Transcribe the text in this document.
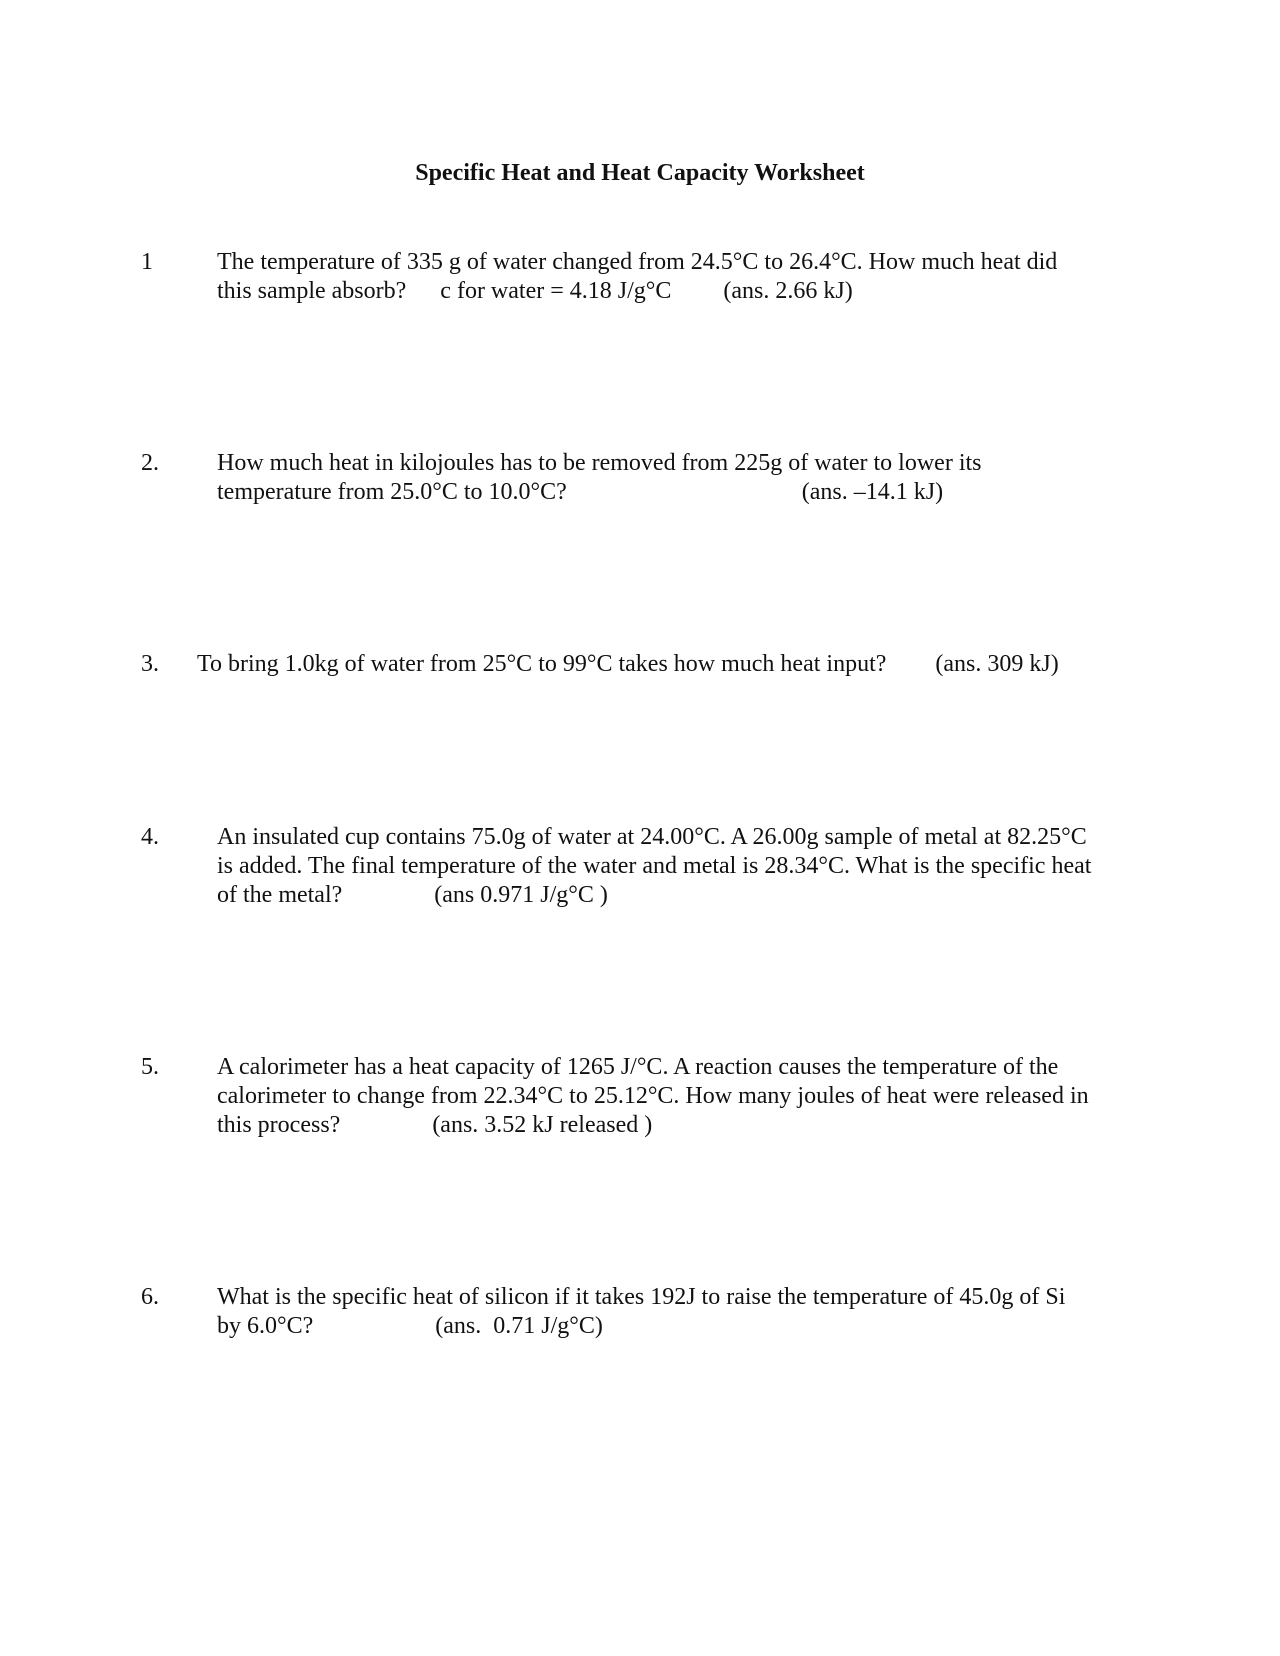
Specific Heat and Heat Capacity Worksheet
1	The temperature of 335 g of water changed from 24.5°C to 26.4°C. How much heat did
this sample absorb? c for water = 4.18 J/g°C (ans. 2.66 kJ)
2. How much heat in kilojoules has to be removed from 225g of water to lower its
temperature from 25.0°C to 10.0°C?	(ans. –14.1 kJ)
3. To bring 1.0kg of water from 25°C to 99°C takes how much heat input? (ans. 309 kJ)
4. An insulated cup contains 75.0g of water at 24.00°C. A 26.00g sample of metal at 82.25°C
is added. The final temperature of the water and metal is 28.34°C. What is the specific heat
of the metal?	(ans 0.971 J/g°C )
5. A calorimeter has a heat capacity of 1265 J/°C. A reaction causes the temperature of the
calorimeter to change from 22.34°C to 25.12°C. How many joules of heat were released in
this process?	(ans. 3.52 kJ released )
6. What is the specific heat of silicon if it takes 192J to raise the temperature of 45.0g of Si
by 6.0°C?	(ans.  0.71 J/g°C)
